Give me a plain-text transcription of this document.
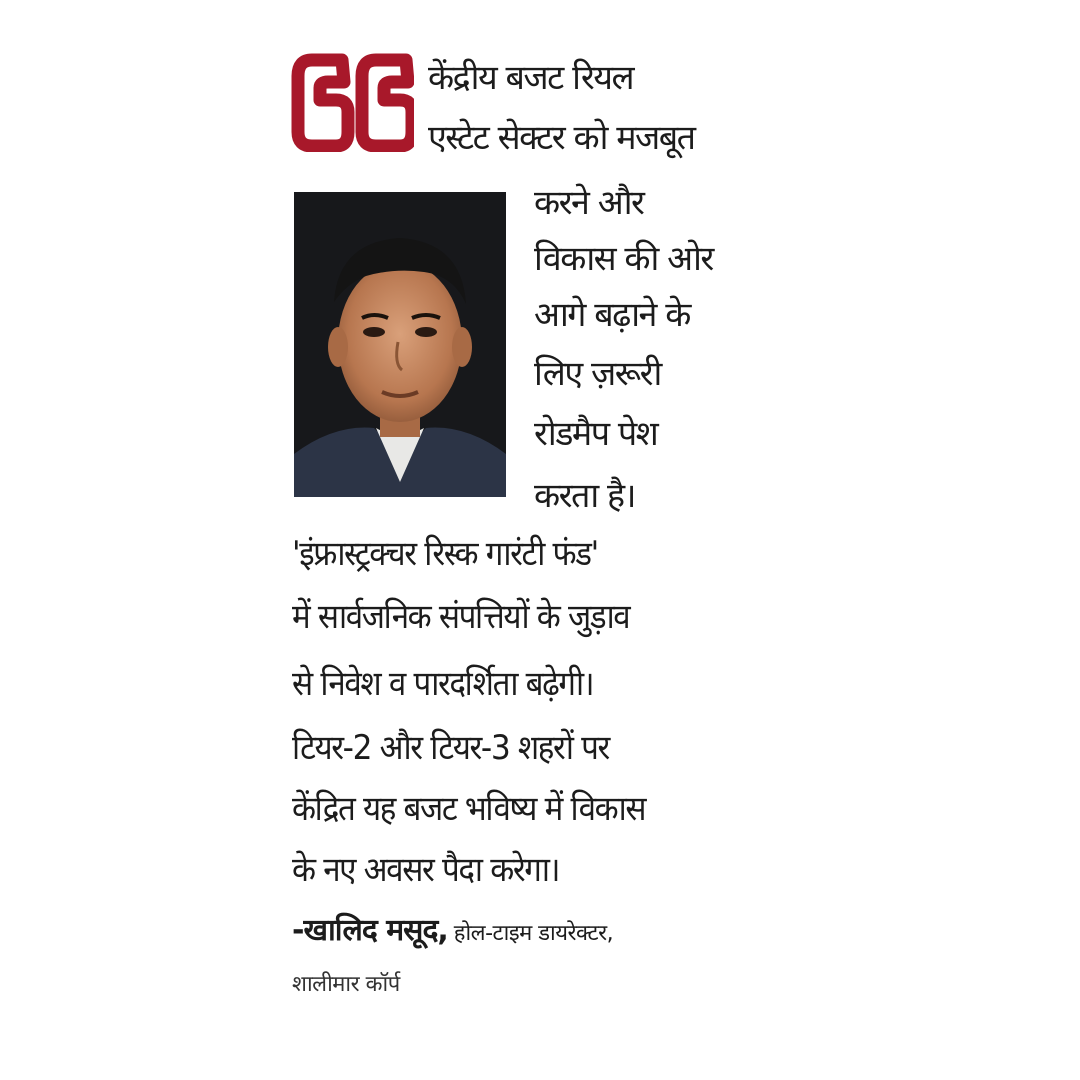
केंद्रीय बजट रियल
एस्टेट सेक्टर को मजबूत
करने और
विकास की ओर
आगे बढ़ाने के
लिए ज़रूरी
रोडमैप पेश
करता है।
'इंफ्रास्ट्रक्चर रिस्क गारंटी फंड'
में सार्वजनिक संपत्तियों के जुड़ाव
से निवेश व पारदर्शिता बढ़ेगी।
टियर-2 और टियर-3 शहरों पर
केंद्रित यह बजट भविष्य में विकास
के नए अवसर पैदा करेगा।
-खालिद मसूद, होल-टाइम डायरेक्टर,
शालीमार कॉर्प
